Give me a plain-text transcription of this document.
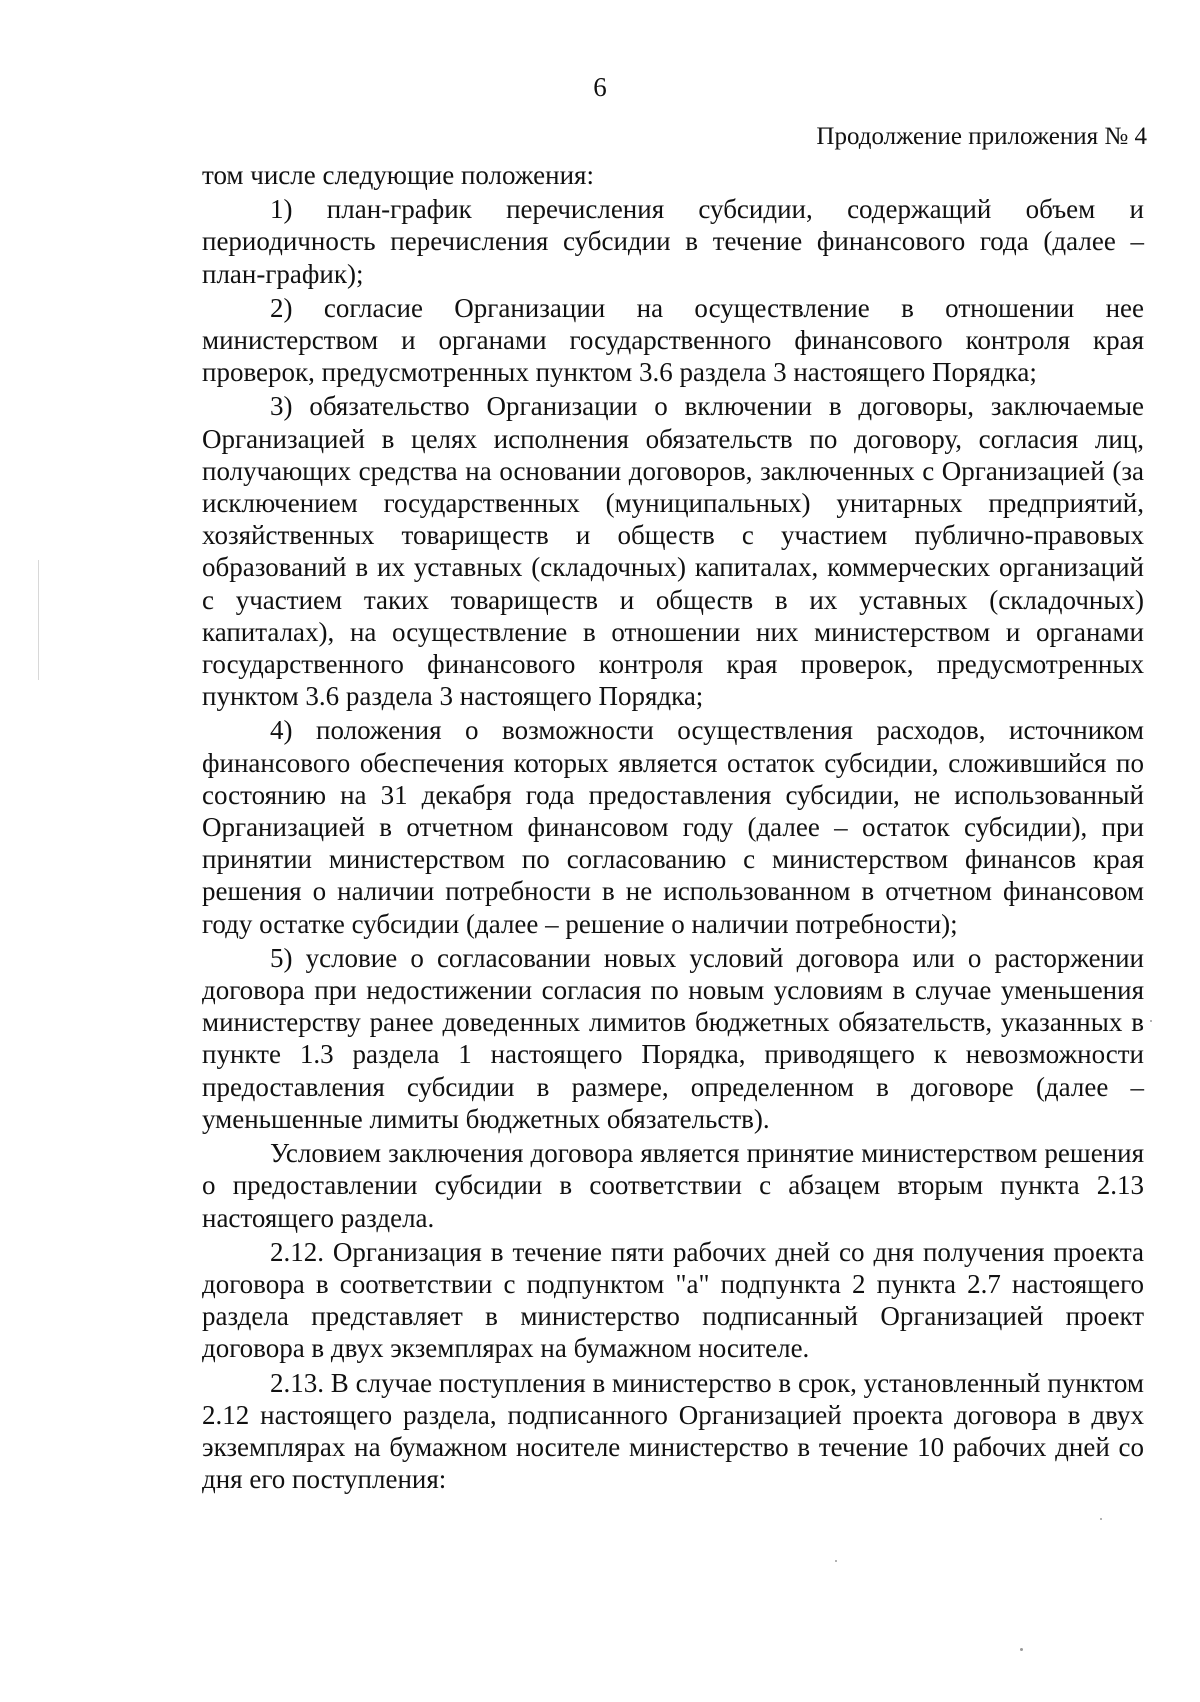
6
Продолжение приложения № 4

том числе следующие положения:

1) план-график перечисления субсидии, содержащий объем и периодичность перечисления субсидии в течение финансового года (далее – план-график);

2) согласие Организации на осуществление в отношении нее министерством и органами государственного финансового контроля края проверок, предусмотренных пунктом 3.6 раздела 3 настоящего Порядка;

3) обязательство Организации о включении в договоры, заключаемые Организацией в целях исполнения обязательств по договору, согласия лиц, получающих средства на основании договоров, заключенных с Организацией (за исключением государственных (муниципальных) унитарных предприятий, хозяйственных товариществ и обществ с участием публично-правовых образований в их уставных (складочных) капиталах, коммерческих организаций с участием таких товариществ и обществ в их уставных (складочных) капиталах), на осуществление в отношении них министерством и органами государственного финансового контроля края проверок, предусмотренных пунктом 3.6 раздела 3 настоящего Порядка;

4) положения о возможности осуществления расходов, источником финансового обеспечения которых является остаток субсидии, сложившийся по состоянию на 31 декабря года предоставления субсидии, не использованный Организацией в отчетном финансовом году (далее – остаток субсидии), при принятии министерством по согласованию с министерством финансов края решения о наличии потребности в не использованном в отчетном финансовом году остатке субсидии (далее – решение о наличии потребности);

5) условие о согласовании новых условий договора или о расторжении договора при недостижении согласия по новым условиям в случае уменьшения министерству ранее доведенных лимитов бюджетных обязательств, указанных в пункте 1.3 раздела 1 настоящего Порядка, приводящего к невозможности предоставления субсидии в размере, определенном в договоре (далее – уменьшенные лимиты бюджетных обязательств).

Условием заключения договора является принятие министерством решения о предоставлении субсидии в соответствии с абзацем вторым пункта 2.13 настоящего раздела.

2.12. Организация в течение пяти рабочих дней со дня получения проекта договора в соответствии с подпунктом "а" подпункта 2 пункта 2.7 настоящего раздела представляет в министерство подписанный Организацией проект договора в двух экземплярах на бумажном носителе.

2.13. В случае поступления в министерство в срок, установленный пунктом 2.12 настоящего раздела, подписанного Организацией проекта договора в двух экземплярах на бумажном носителе министерство в течение 10 рабочих дней со дня его поступления:
